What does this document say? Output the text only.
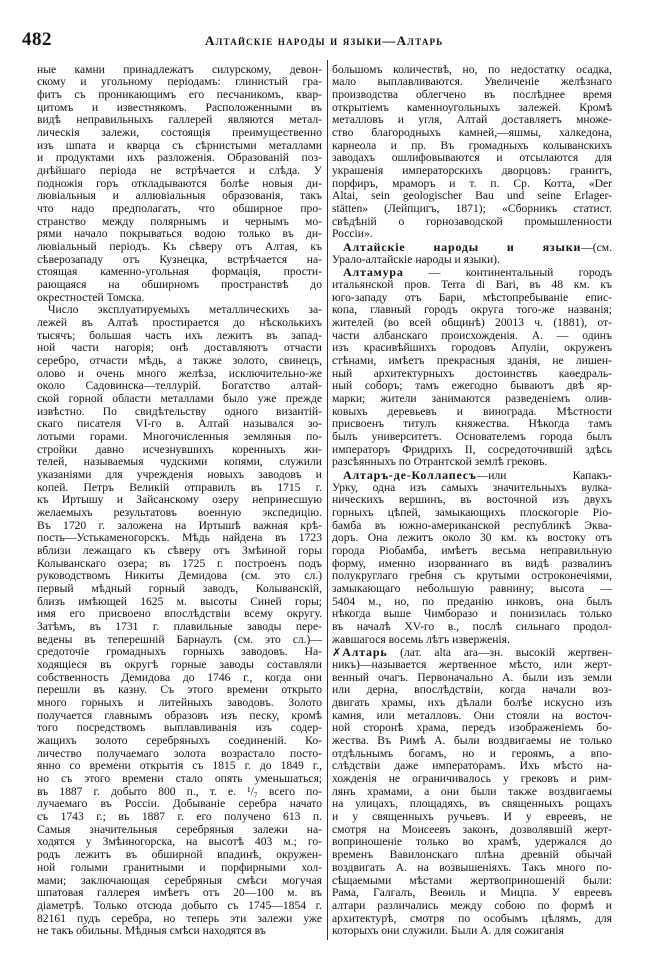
482	Алтайскіе народы и языки—Алтарь
ные камни принадлежатъ силурскому, девон-
скому и угольному періодамъ: глинистый гра-
фитъ съ проникающимъ его песчаникомъ, квар-
цитомъ и известнякомъ. Расположенными въ
видѣ неправильныхъ галлерей являются метал-
лическія залежи, состоящія преимущественно
изъ шпата и кварца съ сѣрнистыми металлами
и продуктами ихъ разложенія. Образованій поз-
днѣйшаго періода не встрѣчается и слѣда. У
подножія горъ откладываются болѣе новыя ди-
лювіальныя и аллювіальныя образованія, такъ
что надо предполагать, что обширное про-
странство между полярнымъ и чернымъ мо-
рями начало покрываться водою только въ ди-
лювіальный періодъ. Къ сѣверу отъ Алтая, къ
сѣверозападу отъ Кузнецка, встрѣчается на-
стоящая каменно-угольная формація, прости-
рающаяся на обширномъ пространствѣ до
окрестностей Томска.
Число эксплуатируемыхъ металлическихъ за-
лежей въ Алтаѣ простирается до нѣсколькихъ
тысячъ; большая часть ихъ лежитъ въ запад-
ной части нагорія; онѣ доставляютъ отчасти
серебро, отчасти мѣдь, а также золото, свинецъ,
олово и очень много желѣза, исключительно-же
около Садовинска—теллурій. Богатство алтай-
ской горной области металлами было уже прежде
извѣстно. По свидѣтельству одного византій-
скаго писателя VI-го в. Алтай назывался зо-
лотыми горами. Многочисленныя земляныя по-
стройки давно исчезнувшихъ коренныхъ жи-
телей, называемыя чудскими копями, служили
указаніями для учрежденія новыхъ заводовъ и
копей. Петръ Великій отправилъ въ 1715 г.
къ Иртышу и Зайсанскому озеру непринесшую
желаемыхъ результатовъ военную экспедицію.
Въ 1720 г. заложена на Иртышѣ важная крѣ-
пость—Устькаменогорскъ. Мѣдь найдена въ 1723
вблизи лежащаго къ сѣверу отъ Змѣиной горы
Колыванскаго озера; въ 1725 г. построенъ подъ
руководствомъ Никиты Демидова (см. это сл.)
первый мѣдный горный заводъ, Колыванскій,
близъ имѣющей 1625 м. высоты Синей горы;
имя его присвоено впослѣдствіи всему округу.
Затѣмъ, въ 1731 г. плавильные заводы пере-
ведены въ теперешній Барнаулъ (см. это сл.)—
средоточіе громадныхъ горныхъ заводовъ. На-
ходящіеся въ округѣ горные заводы составляли
собственность Демидова до 1746 г., когда они
перешли въ казну. Съ этого времени открыто
много горныхъ и литейныхъ заводовъ. Золото
получается главнымъ образовъ изъ песку, кромѣ
того посредствомъ выплавливанія изъ содер-
жащихъ золото серебряныхъ соединеній. Ко-
личество получаемаго золота возрастало посто-
янно со времени открытія съ 1815 г. до 1849 г.,
но съ этого времени стало опять уменьшаться;
въ 1887 г. добыто 800 п., т. е. ¹/₇ всего по-
лучаемаго въ Россіи. Добываніе серебра начато
съ 1743 г.; въ 1887 г. его получено 613 п.
Самыя значительныя серебряныя залежи на-
ходятся у Змѣиногорска, на высотѣ 403 м.; го-
родъ лежитъ въ обширной впадинѣ, окружен-
ной голыми гранитными и порфирными хол-
мами; заключающая серебряныя смѣси могучая
шпатовая галлерея имѣетъ отъ 20—100 м. въ
діаметрѣ. Только отсюда добыто съ 1745—1854 г.
82161 пудъ серебра, но теперь эти залежи уже
не такъ обильны. Мѣдныя смѣси находятся въ
большомъ количествѣ, но, по недостатку осадка,
мало выплавливаются. Увеличеніе желѣзнаго
производства облегчено въ послѣднее время
открытіемъ каменноугольныхъ залежей. Кромѣ
металловъ и угля, Алтай доставляетъ множе-
ство благородныхъ камней,—яшмы, халкедона,
карнеола и пр. Въ громадныхъ колыванскихъ
заводахъ ошлифовываются и отсылаются для
украшенія императорскихъ дворцовъ: гранитъ,
порфиръ, мраморъ и т. п. Ср. Котта, «Der
Altai, sein geologischer Bau und seine Erlager-
stätten» (Лейпцигъ, 1871); «Сборникъ статист.
свѣдѣній о горнозаводской промышленности
Россіи».
Алтайскіе народы и языки—(см.
Урало-алтайскіе народы и языки).
Алтамура — континентальный городъ
итальянской пров. Terra di Bari, въ 48 км. къ
юго-западу отъ Бари, мѣстопребываніе епис-
копа, главный городъ округа того-же названія;
жителей (во всей общинѣ) 20013 ч. (1881), от-
части албанскаго происхожденія. А. — одинъ
изъ красивѣйшихъ городовъ Апуліи, окруженъ
стѣнами, имѣетъ прекрасныя зданія, не лишен-
ный архитектурныхъ достоинствъ каѳедраль-
ный соборъ; тамъ ежегодно бываютъ двѣ яр-
марки; жители занимаются разведеніемъ олив-
ковыхъ деревьевъ и винограда. Мѣстности
присвоенъ титулъ княжества. Нѣкогда тамъ
былъ университетъ. Основателемъ города былъ
императоръ Фридрихъ II, сосредоточившій здѣсь
разсѣянныхъ по Отрантской землѣ грековъ.
Алтаръ-де-Коллапесъ—или Капакъ-
Урку, одна изъ самыхъ значительныхъ вулка-
ническихъ вершинъ, въ восточной изъ двухъ
горныхъ цѣпей, замыкающихъ плоскогоріе Ріо-
бамба въ южно-американской республикѣ Эква-
доръ. Она лежитъ около 30 км. къ востоку отъ
города Ріобамба, имѣетъ весьма неправильную
форму, именно изорваннаго въ видѣ развалинъ
полукруглаго гребня съ крутыми остроконечіями,
замыкающаго небольшую равнину; высота —
5404 м., но, по преданію инковъ, она былъ
нѣкогда выше Чимборазо и понизилась только
въ началѣ XV-го в., послѣ сильнаго продол-
жавшагося восемь лѣтъ изверженія.
✗Алтарь (лат. alta ara—зн. высокій жертвен-
никъ)—называется жертвенное мѣсто, или жерт-
венный очагъ. Первоначально А. были изъ земли
или дерна, впослѣдствіи, когда начали воз-
двигать храмы, ихъ дѣлали болѣе искусно изъ
камня, или металловъ. Они стояли на восточ-
ной сторонѣ храма, передъ изображеніемъ бо-
жества. Въ Римѣ А. были воздвигаемы не только
отдѣльнымъ богамъ, но и героямъ, а впо-
слѣдствіи даже императорамъ. Ихъ мѣсто на-
хожденія не ограничивалось у грековъ и рим-
лянъ храмами, а они были также воздвигаемы
на улицахъ, площадяхъ, въ священныхъ рощахъ
и у священныхъ ручьевъ. И у евреевъ, не
смотря на Моисеевъ законъ, дозволявшій жерт-
воприношеніе только во храмѣ, удержался до
временъ Вавилонскаго плѣна древній обычай
воздвигать А. на возвышеніяхъ. Такъ много по-
сѣщаемыми мѣстами жертвоприношеній были:
Рама, Галгалъ, Веѳиль и Мицпа. У евреевъ
алтари различались между собою по формѣ и
архитектурѣ, смотря по особымъ цѣлямъ, для
которыхъ они служили. Были А. для сожиганія
